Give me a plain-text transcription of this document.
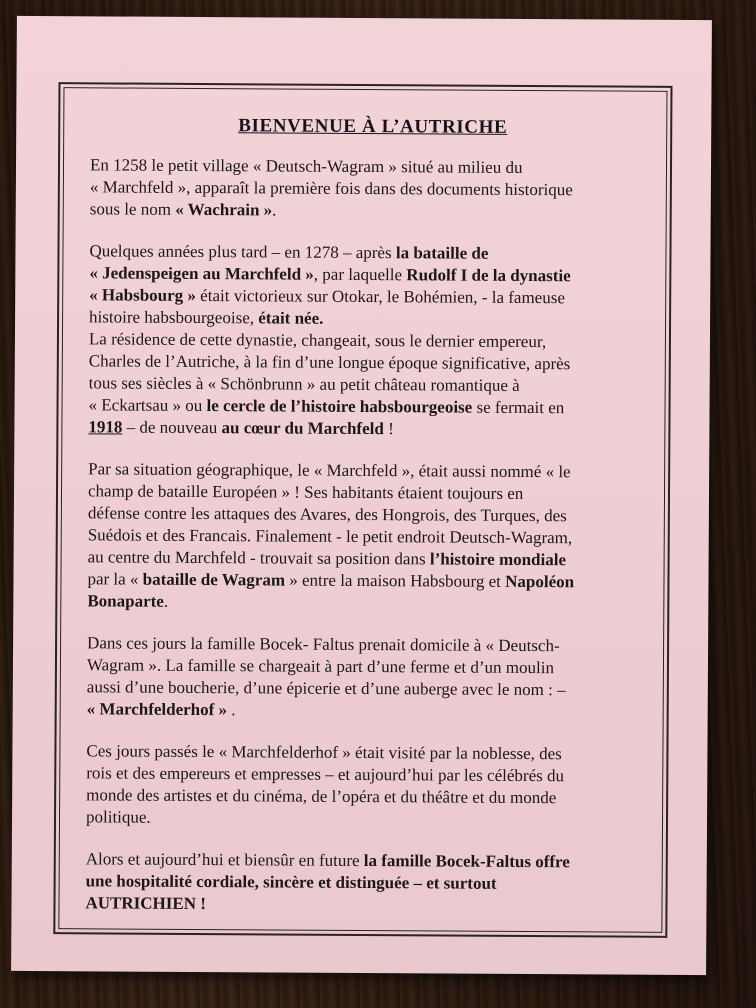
BIENVENUE À L’AUTRICHE
En 1258 le petit village « Deutsch-Wagram » situé au milieu du
« Marchfeld », apparaît la première fois dans des documents historique
sous le nom « Wachrain ».
Quelques années plus tard – en 1278 – après la bataille de
« Jedenspeigen au Marchfeld », par laquelle Rudolf I de la dynastie
« Habsbourg » était victorieux sur Otokar, le Bohémien, - la fameuse
histoire habsbourgeoise, était née.
La résidence de cette dynastie, changeait, sous le dernier empereur,
Charles de l’Autriche, à la fin d’une longue époque significative, après
tous ses siècles à « Schönbrunn » au petit château romantique à
« Eckartsau » ou le cercle de l’histoire habsbourgeoise se fermait en
1918 – de nouveau au cœur du Marchfeld !
Par sa situation géographique, le « Marchfeld », était aussi nommé « le
champ de bataille Européen » ! Ses habitants étaient toujours en
défense contre les attaques des Avares, des Hongrois, des Turques, des
Suédois et des Francais. Finalement - le petit endroit Deutsch-Wagram,
au centre du Marchfeld - trouvait sa position dans l’histoire mondiale
par la « bataille de Wagram » entre la maison Habsbourg et Napoléon
Bonaparte.
Dans ces jours la famille Bocek- Faltus prenait domicile à « Deutsch-
Wagram ». La famille se chargeait à part d’une ferme et d’un moulin
aussi d’une boucherie, d’une épicerie et d’une auberge avec le nom : –
« Marchfelderhof » .
Ces jours passés le « Marchfelderhof » était visité par la noblesse, des
rois et des empereurs et empresses – et aujourd’hui par les célébrés du
monde des artistes et du cinéma, de l’opéra et du théâtre et du monde
politique.
Alors et aujourd’hui et biensûr en future la famille Bocek-Faltus offre
une hospitalité cordiale, sincère et distinguée – et surtout
AUTRICHIEN !
